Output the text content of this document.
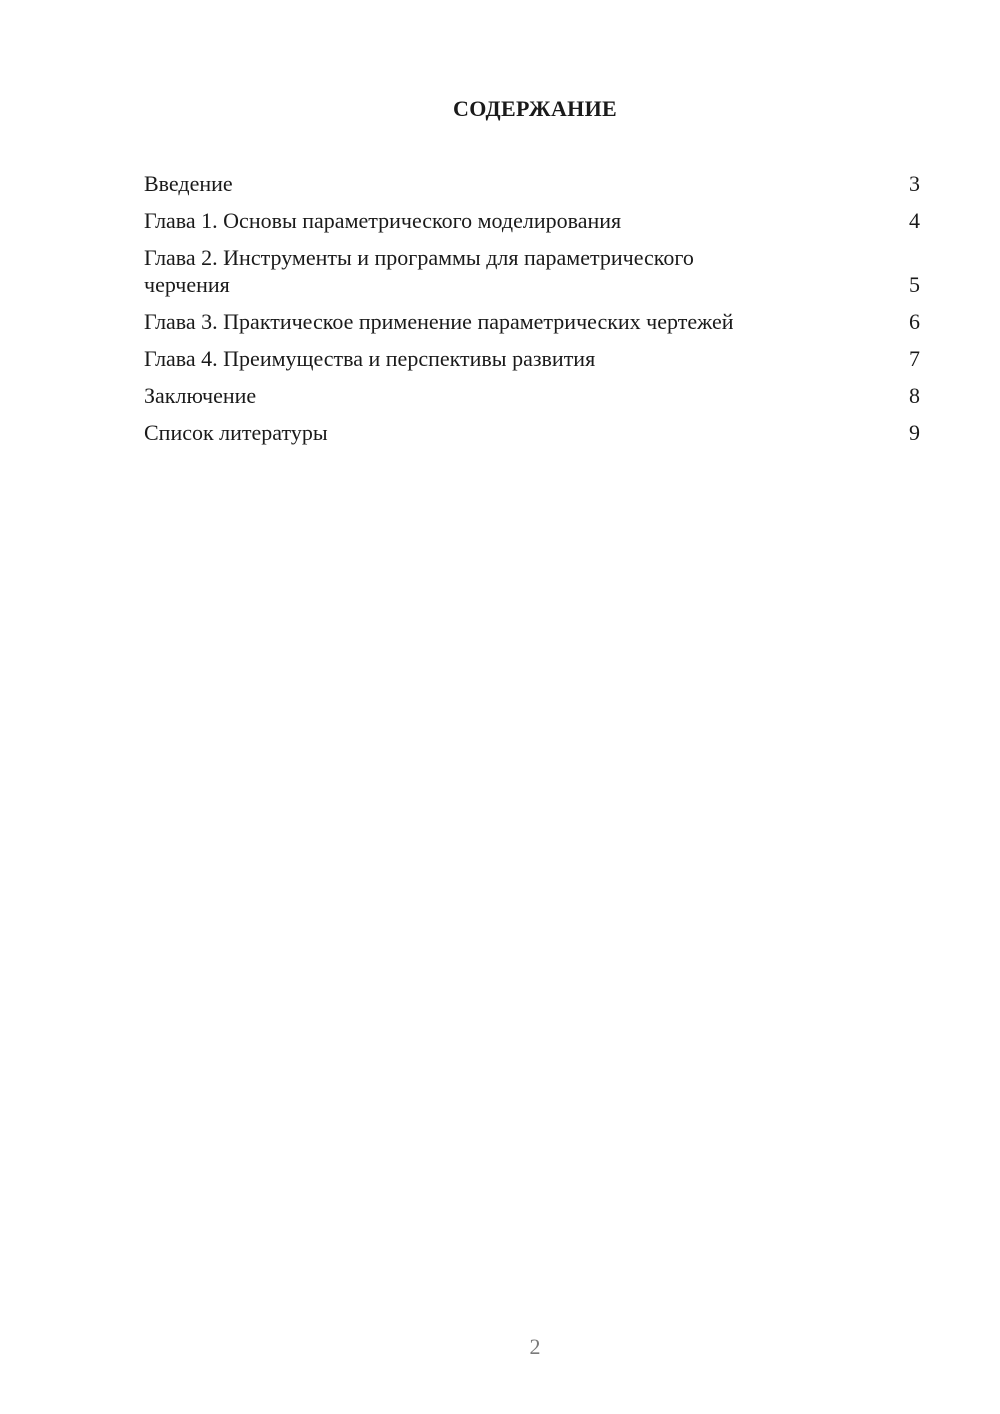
СОДЕРЖАНИЕ
Введение	3
Глава 1. Основы параметрического моделирования	4
Глава 2. Инструменты и программы для параметрического черчения	5
Глава 3. Практическое применение параметрических чертежей	6
Глава 4. Преимущества и перспективы развития	7
Заключение	8
Список литературы	9
2
